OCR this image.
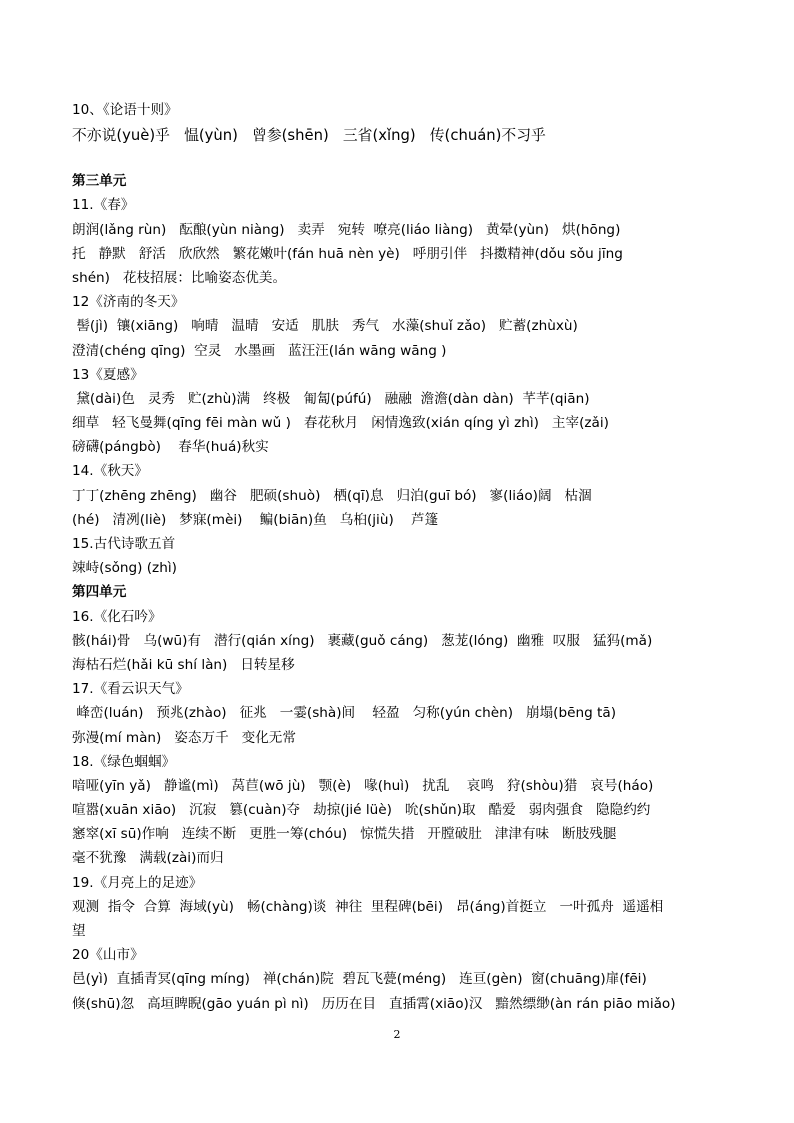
10、《论语十则》
不亦说(yuè)乎   愠(yùn)   曾参(shēn)   三省(xǐng)   传(chuán)不习乎
第三单元
11.《春》
朗润(lǎng rùn)   酝酿(yùn niàng)   卖弄   宛转  嘹亮(liáo liàng)   黄晕(yùn)   烘(hōng)
托   静默   舒活   欣欣然   繁花嫩叶(fán huā nèn yè)   呼朋引伴   抖擞精神(dǒu sǒu jīng
shén)   花枝招展：比喻姿态优美。
12《济南的冬天》
髻(jì)  镶(xiāng)   响晴   温晴   安适   肌肤   秀气   水藻(shuǐ zǎo)   贮蓄(zhùxù)
澄清(chéng qīng)  空灵   水墨画   蓝汪汪(lán wāng wāng )
13《夏感》
黛(dài)色   灵秀   贮(zhù)满   终极   匍匐(púfú)   融融  澹澹(dàn dàn)  芊芊(qiān)
细草   轻飞曼舞(qīng fēi màn wǔ )   春花秋月   闲情逸致(xián qíng yì zhì)   主宰(zǎi)
磅礴(pángbò)    春华(huá)秋实
14.《秋天》
丁丁(zhēng zhēng)   幽谷   肥硕(shuò)   栖(qī)息   归泊(guī bó)   寥(liáo)阔   枯涸
(hé)   清冽(liè)   梦寐(mèi)    鳊(biān)鱼   乌桕(jiù)    芦篷
15.古代诗歌五首
竦峙(sǒng) (zhì)
第四单元
16.《化石吟》
骸(hái)骨   乌(wū)有   潜行(qián xíng)   裹藏(guǒ cáng)   葱茏(lóng)  幽雅  叹服   猛犸(mǎ)
海枯石烂(hǎi kū shí làn)   日转星移
17.《看云识天气》
峰峦(luán)   预兆(zhào)   征兆   一霎(shà)间    轻盈   匀称(yún chèn)   崩塌(bēng tā)
弥漫(mí màn)   姿态万千   变化无常
18.《绿色蝈蝈》
喑哑(yīn yǎ)   静谧(mì)   莴苣(wō jù)   颚(è)   喙(huì)   扰乱    哀鸣   狩(shòu)猎   哀号(háo)
喧嚣(xuān xiāo)   沉寂   篡(cuàn)夺   劫掠(jié lüè)   吮(shǔn)取   酷爱   弱肉强食   隐隐约约
窸窣(xī sū)作响   连续不断   更胜一筹(chóu)   惊慌失措   开膛破肚   津津有味   断肢残腿
毫不犹豫   满载(zài)而归
19.《月亮上的足迹》
观测  指令  合算  海域(yù)   畅(chàng)谈  神往  里程碑(bēi)   昂(áng)首挺立   一叶孤舟  遥遥相
望
20《山市》
邑(yì)  直插青冥(qīng míng)   禅(chán)院  碧瓦飞甍(méng)   连亘(gèn)  窗(chuāng)扉(fēi)
倏(shū)忽   高垣睥睨(gāo yuán pì nì)   历历在目   直插霄(xiāo)汉   黯然缥缈(àn rán piāo miǎo)
2
